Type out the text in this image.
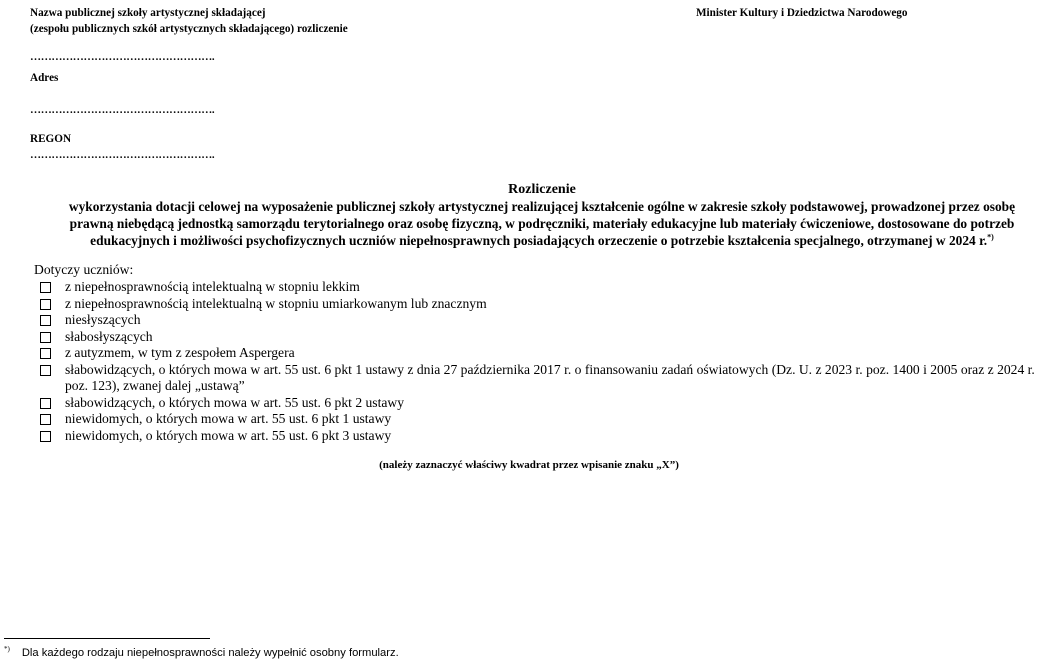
Nazwa publicznej szkoły artystycznej składającej
(zespołu publicznych szkół artystycznych składającego) rozliczenie
Minister Kultury i Dziedzictwa Narodowego
…………………………………………….
Adres
…………………………………………….
REGON
…………………………………………….
Rozliczenie
wykorzystania dotacji celowej na wyposażenie publicznej szkoły artystycznej realizującej kształcenie ogólne w zakresie szkoły podstawowej, prowadzonej przez osobę
prawną niebędącą jednostką samorządu terytorialnego oraz osobę fizyczną, w podręczniki, materiały edukacyjne lub materiały ćwiczeniowe, dostosowane do potrzeb
edukacyjnych i możliwości psychofizycznych uczniów niepełnosprawnych posiadających orzeczenie o potrzebie kształcenia specjalnego, otrzymanej w 2024 r.*)
Dotyczy uczniów:
z niepełnosprawnością intelektualną w stopniu lekkim
z niepełnosprawnością intelektualną w stopniu umiarkowanym lub znacznym
niesłyszących
słabosłyszących
z autyzmem, w tym z zespołem Aspergera
słabowidzących, o których mowa w art. 55 ust. 6 pkt 1 ustawy z dnia 27 października 2017 r. o finansowaniu zadań oświatowych (Dz. U. z 2023 r. poz. 1400 i 2005 oraz z 2024 r. poz. 123), zwanej dalej „ustawą”
słabowidzących, o których mowa w art. 55 ust. 6 pkt 2 ustawy
niewidomych, o których mowa w art. 55 ust. 6 pkt 1 ustawy
niewidomych, o których mowa w art. 55 ust. 6 pkt 3 ustawy
(należy zaznaczyć właściwy kwadrat przez wpisanie znaku „X”)
*) Dla każdego rodzaju niepełnosprawności należy wypełnić osobny formularz.
